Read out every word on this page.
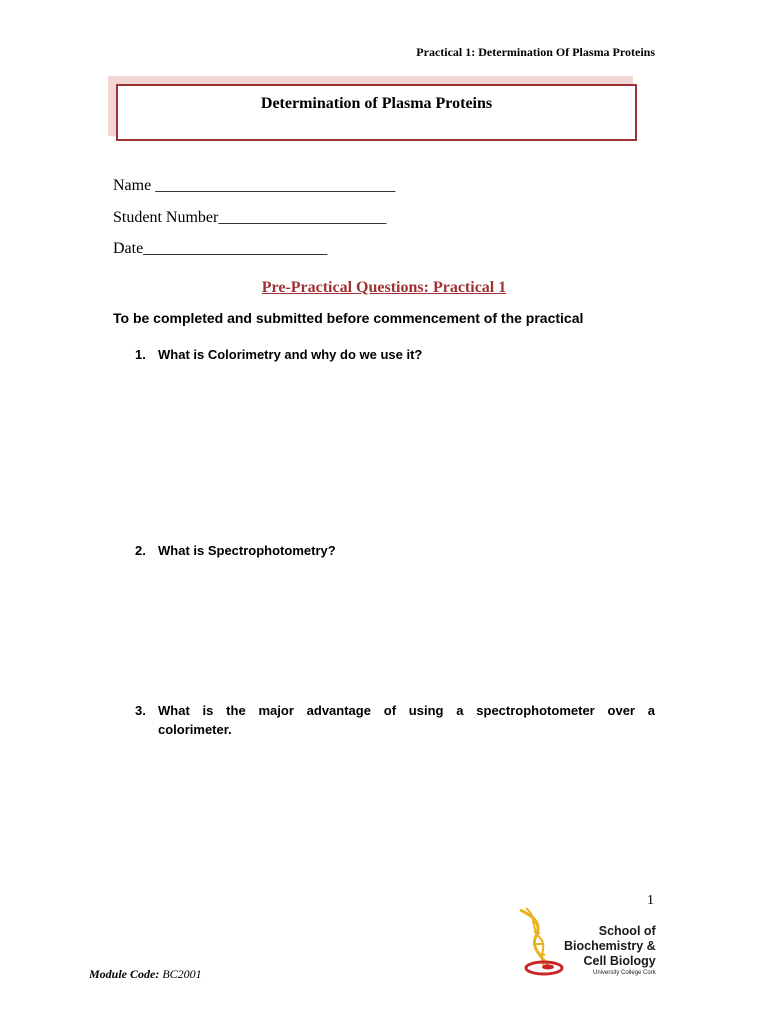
Practical 1: Determination Of Plasma Proteins
Determination of Plasma Proteins
Name ______________________________
Student Number_____________________
Date_______________________
Pre-Practical Questions: Practical 1
To be completed and submitted before commencement of the practical
1. What is Colorimetry and why do we use it?
2. What is Spectrophotometry?
3. What is the major advantage of using a spectrophotometer over a
colorimeter.
1
Module Code: BC2001
School of
Biochemistry &
Cell Biology
University College Cork
